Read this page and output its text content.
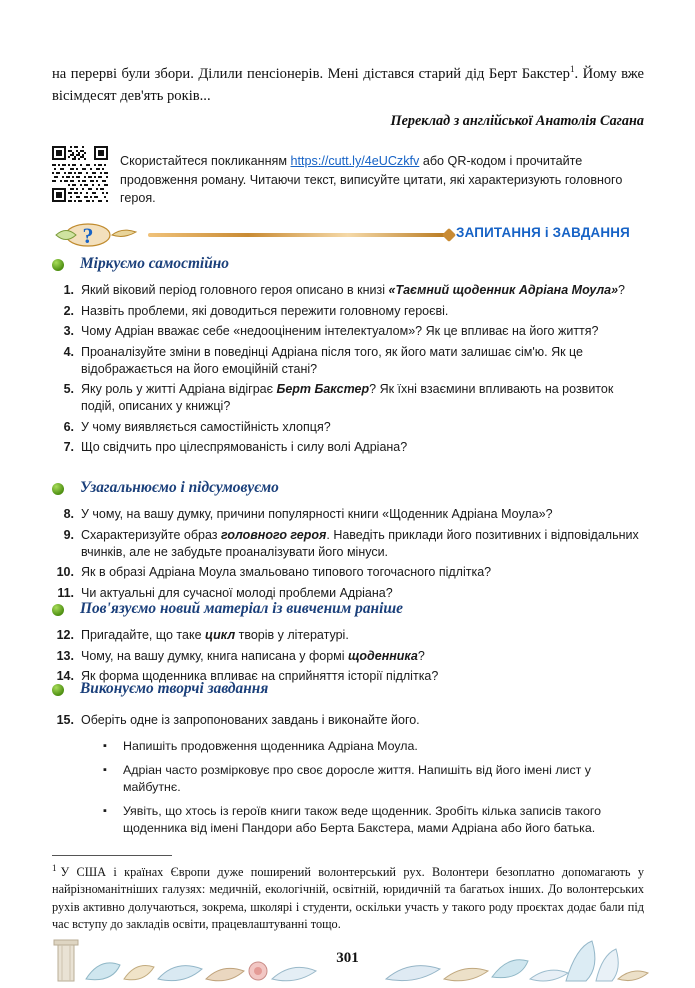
на перерві були збори. Ділили пенсіонерів. Мені дістався старий дід Берт Бакстер$^1$. Йому вже вісімдесят дев'ять років...
Переклад з англійської Анатолія Сагана
Скористайтеся покликанням https://cutt.ly/4eUCzkfv або QR-кодом і прочитайте продовження роману. Читаючи текст, виписуйте цитати, які характеризують головного героя.
?	ЗАПИТАННЯ і ЗАВДАННЯ
Міркуємо самостійно
1. Який віковий період головного героя описано в книзі «Таємний щоденник Адріана Моула»?
2. Назвіть проблеми, які доводиться пережити головному героєві.
3. Чому Адріан вважає себе «недооціненим інтелектуалом»? Як це впливає на його життя?
4. Проаналізуйте зміни в поведінці Адріана після того, як його мати залишає сім'ю. Як це відображається на його емоційній стані?
5. Яку роль у житті Адріана відіграє Берт Бакстер? Як їхні взаємини впливають на розвиток подій, описаних у книжці?
6. У чому виявляється самостійність хлопця?
7. Що свідчить про цілеспрямованість і силу волі Адріана?
Узагальнюємо і підсумовуємо
8. У чому, на вашу думку, причини популярності книги «Щоденник Адріана Моула»?
9. Схарактеризуйте образ головного героя. Наведіть приклади його позитивних і відповідальних вчинків, але не забудьте проаналізувати його мінуси.
10. Як в образі Адріана Моула змальовано типового тогочасного підлітка?
11. Чи актуальні для сучасної молоді проблеми Адріана?
Пов'язуємо новий матеріал із вивченим раніше
12. Пригадайте, що таке цикл творів у літературі.
13. Чому, на вашу думку, книга написана у формі щоденника?
14. Як форма щоденника впливає на сприйняття історії підлітка?
Виконуємо творчі завдання
15. Оберіть одне із запропонованих завдань і виконайте його.
▪	Напишіть продовження щоденника Адріана Моула.
▪	Адріан часто розмірковує про своє доросле життя. Напишіть від його імені лист у майбутнє.
▪	Уявіть, що хтось із героїв книги також веде щоденник. Зробіть кілька записів такого щоденника від імені Пандори або Берта Бакстера, мами Адріана або його батька.
$^1$ У США і країнах Європи дуже поширений волонтерський рух. Волонтери безоплатно допомагають у найрізноманітніших галузях: медичній, екологічній, освітній, юридичній та багатьох інших. До волонтерських рухів активно долучаються, зокрема, школярі і студенти, оскільки участь у такого роду проєктах додає бали під час вступу до закладів освіти, працевлаштуванні тощо.
301
